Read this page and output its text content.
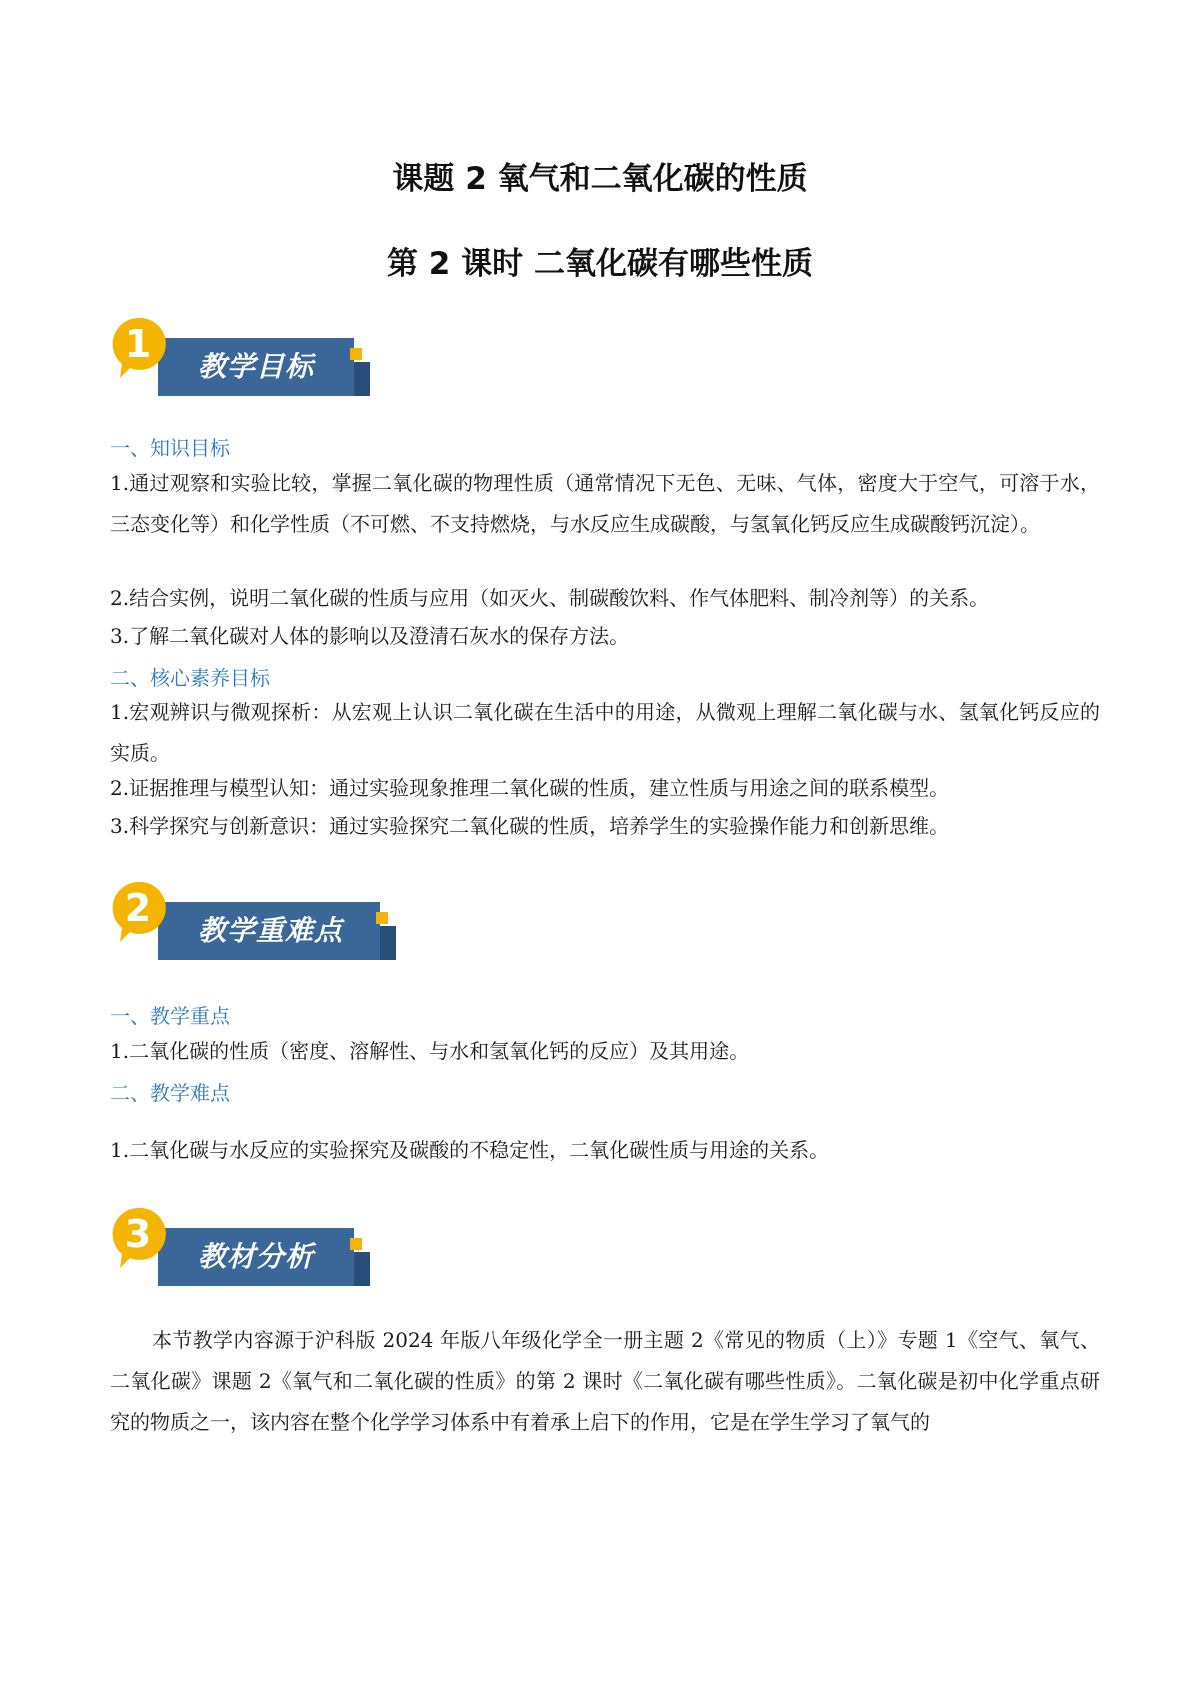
课题 2 氧气和二氧化碳的性质
第 2 课时 二氧化碳有哪些性质
教学目标
1
一、知识目标
1.通过观察和实验比较，掌握二氧化碳的物理性质（通常情况下无色、无味、气体，密度大于空气，可溶于水，三态变化等）和化学性质（不可燃、不支持燃烧，与水反应生成碳酸，与氢氧化钙反应生成碳酸钙沉淀）。
2.结合实例，说明二氧化碳的性质与应用（如灭火、制碳酸饮料、作气体肥料、制冷剂等）的关系。
3.了解二氧化碳对人体的影响以及澄清石灰水的保存方法。
二、核心素养目标
1.宏观辨识与微观探析：从宏观上认识二氧化碳在生活中的用途，从微观上理解二氧化碳与水、氢氧化钙反应的实质。
2.证据推理与模型认知：通过实验现象推理二氧化碳的性质，建立性质与用途之间的联系模型。
3.科学探究与创新意识：通过实验探究二氧化碳的性质，培养学生的实验操作能力和创新思维。
教学重难点
2
一、教学重点
1.二氧化碳的性质（密度、溶解性、与水和氢氧化钙的反应）及其用途。
二、教学难点
1.二氧化碳与水反应的实验探究及碳酸的不稳定性，二氧化碳性质与用途的关系。
教材分析
3
本节教学内容源于沪科版 2024 年版八年级化学全一册主题 2《常见的物质（上）》专题 1《空气、氧气、二氧化碳》课题 2《氧气和二氧化碳的性质》的第 2 课时《二氧化碳有哪些性质》。二氧化碳是初中化学重点研究的物质之一，该内容在整个化学学习体系中有着承上启下的作用，它是在学生学习了氧气的
